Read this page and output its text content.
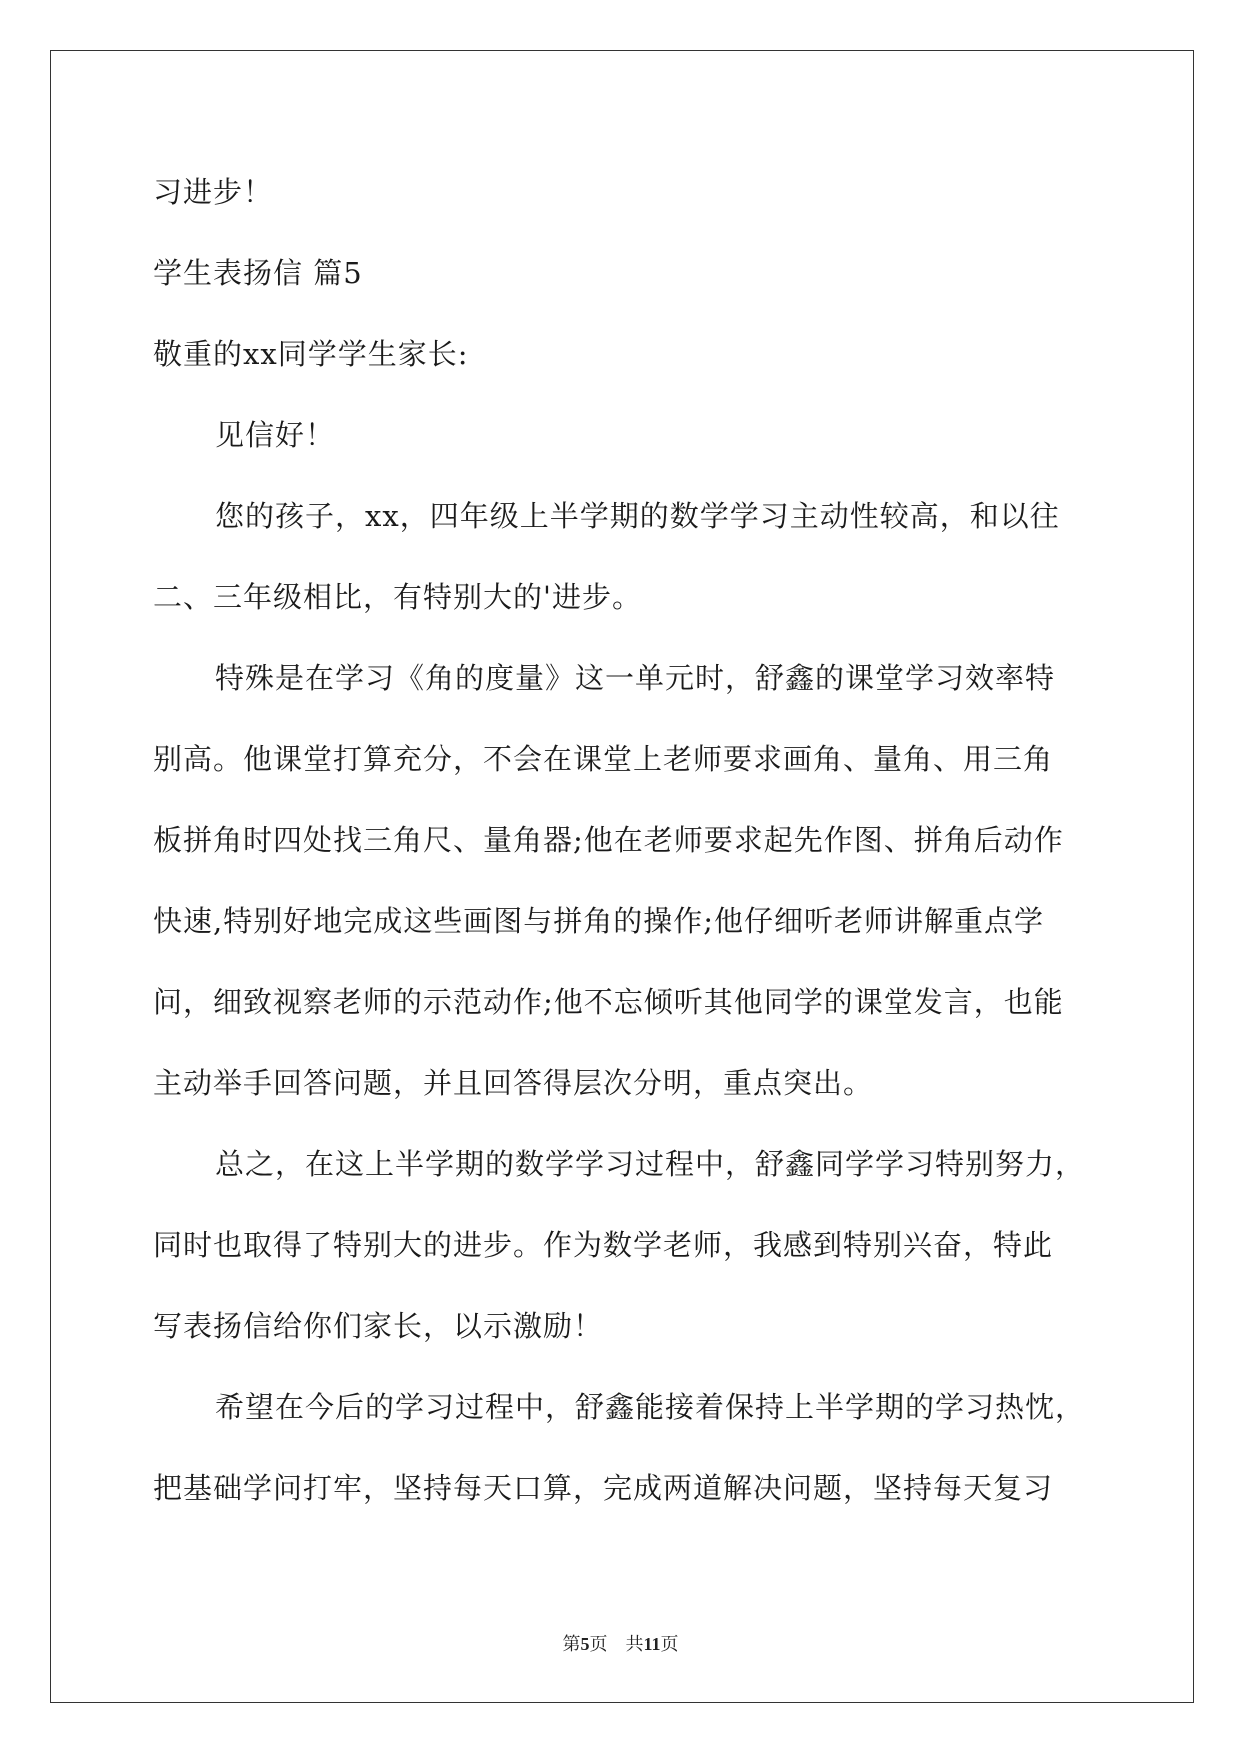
习进步！
学生表扬信 篇5
敬重的xx同学学生家长:
见信好！
您的孩子，xx，四年级上半学期的数学学习主动性较高，和以往
二、三年级相比，有特别大的'进步。
特殊是在学习《角的度量》这一单元时，舒鑫的课堂学习效率特
别高。他课堂打算充分，不会在课堂上老师要求画角、量角、用三角
板拼角时四处找三角尺、量角器;他在老师要求起先作图、拼角后动作
快速,特别好地完成这些画图与拼角的操作;他仔细听老师讲解重点学
问，细致视察老师的示范动作;他不忘倾听其他同学的课堂发言，也能
主动举手回答问题，并且回答得层次分明，重点突出。
总之，在这上半学期的数学学习过程中，舒鑫同学学习特别努力，
同时也取得了特别大的进步。作为数学老师，我感到特别兴奋，特此
写表扬信给你们家长，以示激励！
希望在今后的学习过程中，舒鑫能接着保持上半学期的学习热忱，
把基础学问打牢，坚持每天口算，完成两道解决问题，坚持每天复习
第5页 共11页
